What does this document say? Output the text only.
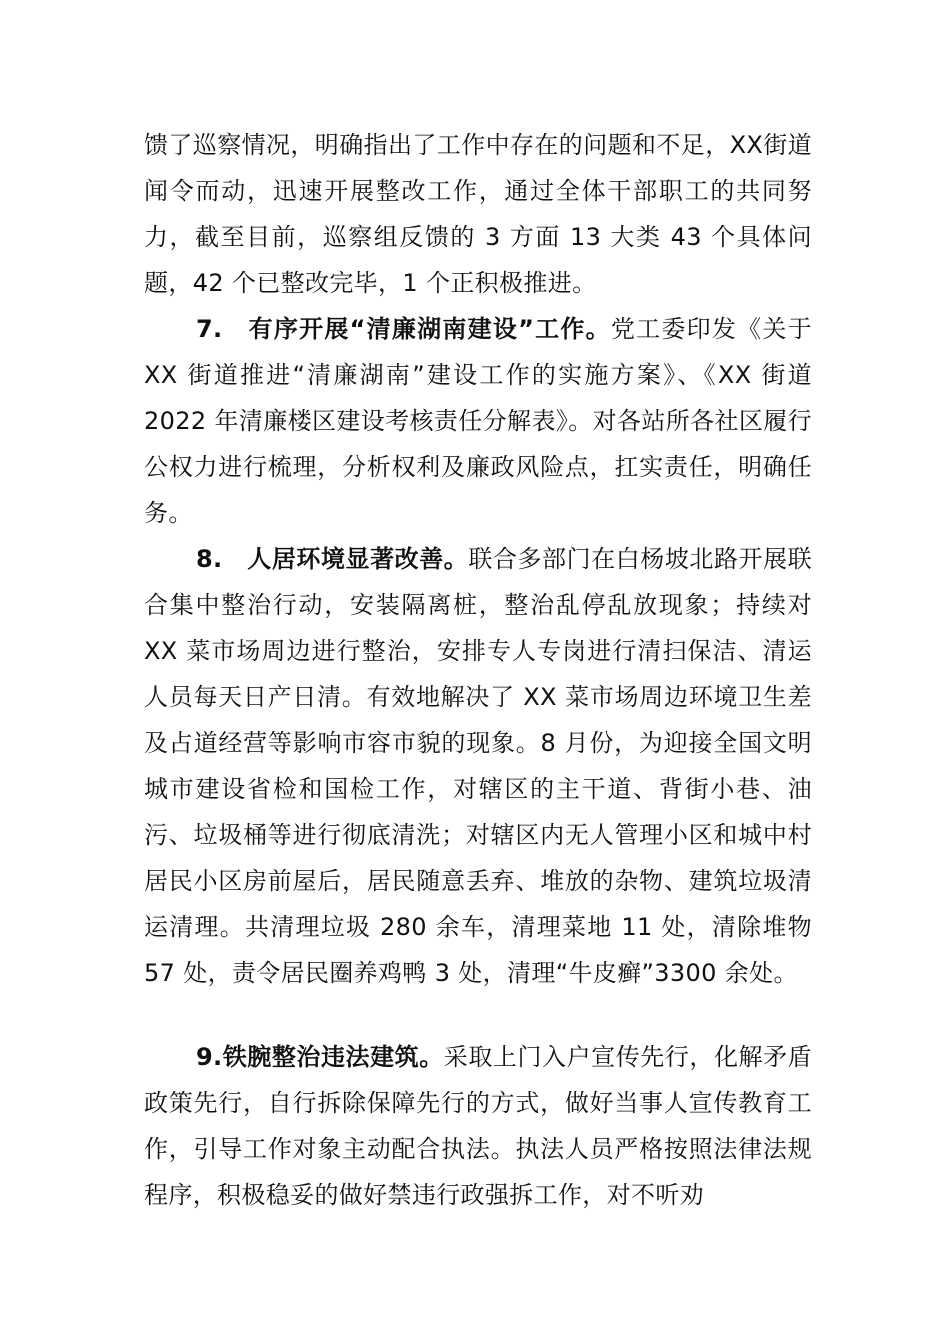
馈了巡察情况，明确指出了工作中存在的问题和不足，XX街道闻令而动，迅速开展整改工作，通过全体干部职工的共同努力，截至目前，巡察组反馈的 3 方面 13 大类 43 个具体问题，42 个已整改完毕，1 个正积极推进。

7.　有序开展“清廉湖南建设”工作。党工委印发《关于 XX 街道推进“清廉湖南”建设工作的实施方案》、《XX 街道 2022 年清廉楼区建设考核责任分解表》。对各站所各社区履行公权力进行梳理，分析权利及廉政风险点，扛实责任，明确任务。

8.　人居环境显著改善。联合多部门在白杨坡北路开展联合集中整治行动，安装隔离桩，整治乱停乱放现象；持续对 XX 菜市场周边进行整治，安排专人专岗进行清扫保洁、清运人员每天日产日清。有效地解决了 XX 菜市场周边环境卫生差及占道经营等影响市容市貌的现象。8 月份，为迎接全国文明城市建设省检和国检工作，对辖区的主干道、背街小巷、油污、垃圾桶等进行彻底清洗；对辖区内无人管理小区和城中村居民小区房前屋后，居民随意丢弃、堆放的杂物、建筑垃圾清运清理。共清理垃圾 280 余车，清理菜地 11 处，清除堆物 57 处，责令居民圈养鸡鸭 3 处，清理“牛皮癣”3300 余处。

9.铁腕整治违法建筑。采取上门入户宣传先行，化解矛盾政策先行，自行拆除保障先行的方式，做好当事人宣传教育工作，引导工作对象主动配合执法。执法人员严格按照法律法规程序，积极稳妥的做好禁违行政强拆工作，对不听劝
